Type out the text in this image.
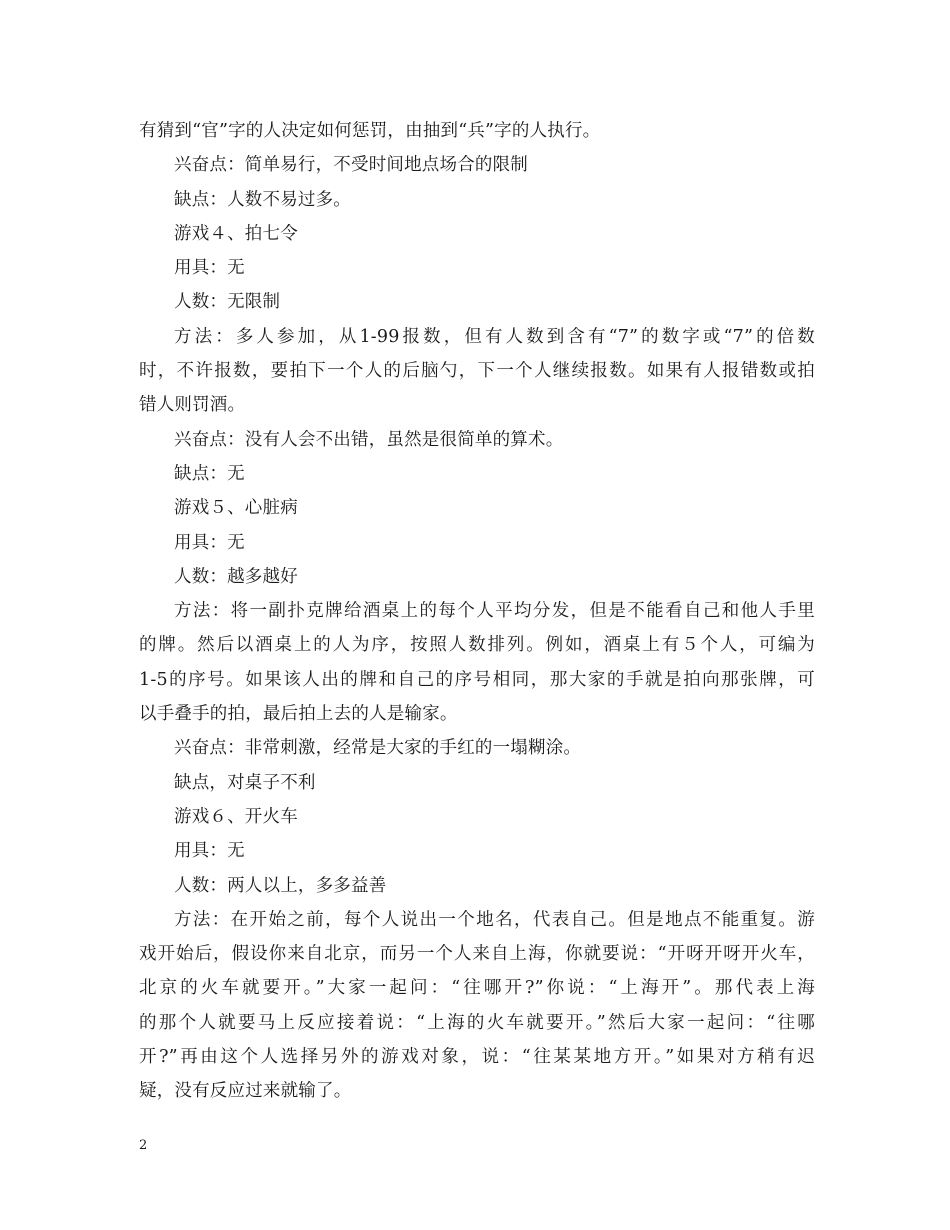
有猜到“官”字的人决定如何惩罚，由抽到“兵”字的人执行。
兴奋点：简单易行，不受时间地点场合的限制
缺点：人数不易过多。
游戏４、拍七令
用具：无
人数：无限制
方法：多人参加，从1-99报数，但有人数到含有“7”的数字或“7”的倍数
时，不许报数，要拍下一个人的后脑勺，下一个人继续报数。如果有人报错数或拍
错人则罚酒。
兴奋点：没有人会不出错，虽然是很简单的算术。
缺点：无
游戏５、心脏病
用具：无
人数：越多越好
方法：将一副扑克牌给酒桌上的每个人平均分发，但是不能看自己和他人手里
的牌。然后以酒桌上的人为序，按照人数排列。例如，酒桌上有５个人，可编为
1-5的序号。如果该人出的牌和自己的序号相同，那大家的手就是拍向那张牌，可
以手叠手的拍，最后拍上去的人是输家。
兴奋点：非常刺激，经常是大家的手红的一塌糊涂。
缺点，对桌子不利
游戏６、开火车
用具：无
人数：两人以上，多多益善
方法：在开始之前，每个人说出一个地名，代表自己。但是地点不能重复。游
戏开始后，假设你来自北京，而另一个人来自上海，你就要说：“开呀开呀开火车，
北京的火车就要开。”大家一起问：“往哪开?”你说：“上海开”。那代表上海
的那个人就要马上反应接着说：“上海的火车就要开。”然后大家一起问：“往哪
开?”再由这个人选择另外的游戏对象，说：“往某某地方开。”如果对方稍有迟
疑，没有反应过来就输了。
2
